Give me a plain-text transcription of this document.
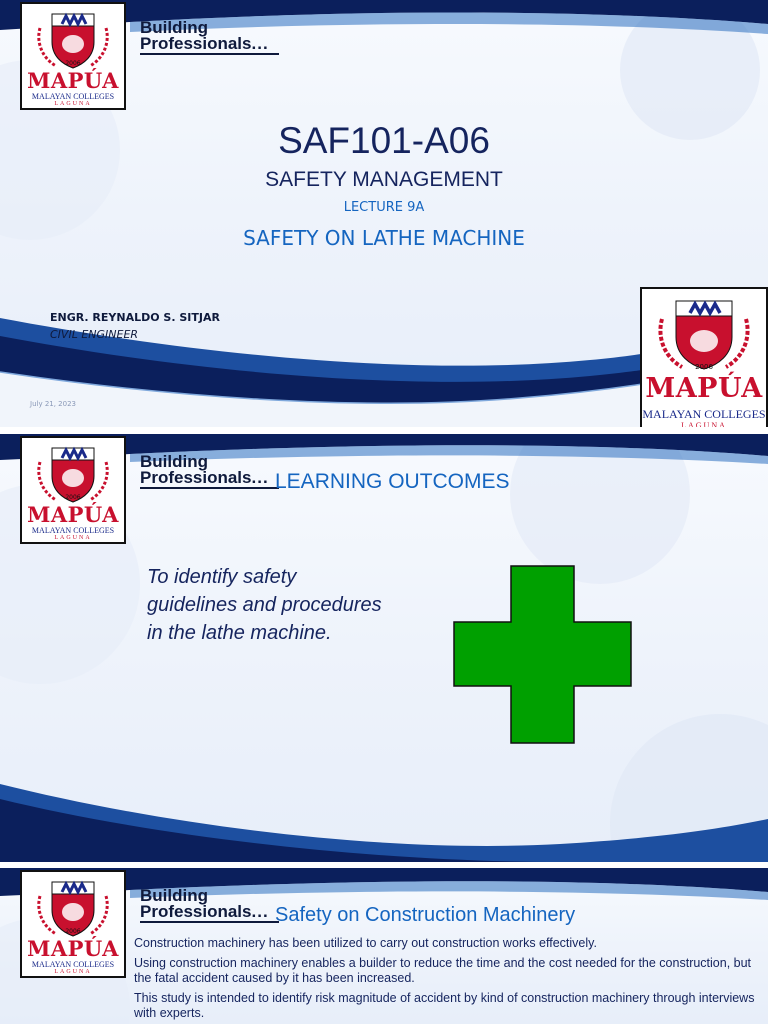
2006
MAPÚA
MALAYAN COLLEGES
LAGUNA
Building
Professionals...
SAF101-A06
SAFETY MANAGEMENT
LECTURE 9A
SAFETY ON LATHE MACHINE
ENGR. REYNALDO S. SITJAR
CIVIL ENGINEER
July 21, 2023
2006
MAPÚA
MALAYAN COLLEGES
LAGUNA
2006
MAPÚA
MALAYAN COLLEGES
LAGUNA
Building
Professionals... LEARNING OUTCOMES
To identify safety
guidelines and procedures
in the lathe machine.
2006
MAPÚA
MALAYAN COLLEGES
LAGUNA
Building
Professionals... Safety on Construction Machinery

Construction machinery has been utilized to carry out construction works effectively.

Using construction machinery enables a builder to reduce the time and the cost needed for the construction, but the fatal accident caused by it has been increased.

This study is intended to identify risk magnitude of accident by kind of construction machinery through interviews with experts.
